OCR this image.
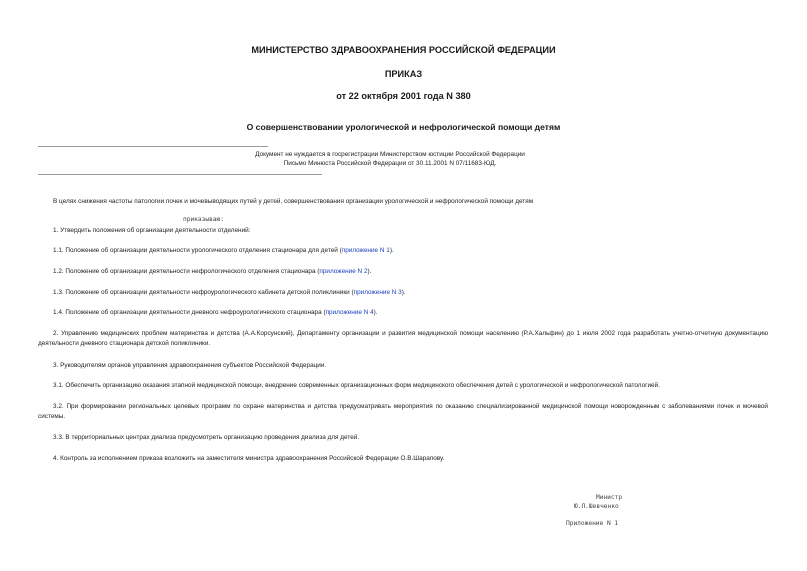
МИНИСТЕРСТВО ЗДРАВООХРАНЕНИЯ РОССИЙСКОЙ ФЕДЕРАЦИИ
ПРИКАЗ
от 22 октября 2001 года N 380
О совершенствовании урологической и нефрологической помощи детям
Документ не нуждается в госрегистрации Министерством юстиции Российской Федерации
Письмо Минюста Российской Федерации от 30.11.2001 N 07/11683-ЮД.
В целях снижения частоты патологии почек и мочевыводящих путей у детей, совершенствования организации урологической и нефрологической помощи детям
приказываю:
1. Утвердить положения об организации деятельности отделений:
1.1. Положение об организации деятельности урологического отделения стационара для детей (приложение N 1).
1.2. Положение об организации деятельности нефрологического отделения стационара (приложение N 2).
1.3. Положение об организации деятельности нефроурологического кабинета детской поликлиники (приложение N 3).
1.4. Положение об организации деятельности дневного нефроурологического стационара (приложение N 4).
2. Управлению медицинских проблем материнства и детства (А.А.Корсунский), Департаменту организации и развития медицинской помощи населению (Р.А.Хальфин) до 1 июля 2002 года разработать учетно-отчетную документацию деятельности дневного стационара детской поликлиники.
3. Руководителям органов управления здравоохранения субъектов Российской Федерации.
3.1. Обеспечить организацию оказания этапной медицинской помощи, внедрение современных организационных форм медицинского обеспечения детей с урологической и нефрологической патологией.
3.2. При формировании региональных целевых программ по охране материнства и детства предусматривать мероприятия по оказанию специализированной медицинской помощи новорожденным с заболеваниями почек и мочевой системы.
3.3. В территориальных центрах диализа предусмотреть организацию проведения диализа для детей.
4. Контроль за исполнением приказа возложить на заместителя министра здравоохранения Российской Федерации О.В.Шарапову.
Министр
Ю.Л.Шевченко
Приложение N 1
